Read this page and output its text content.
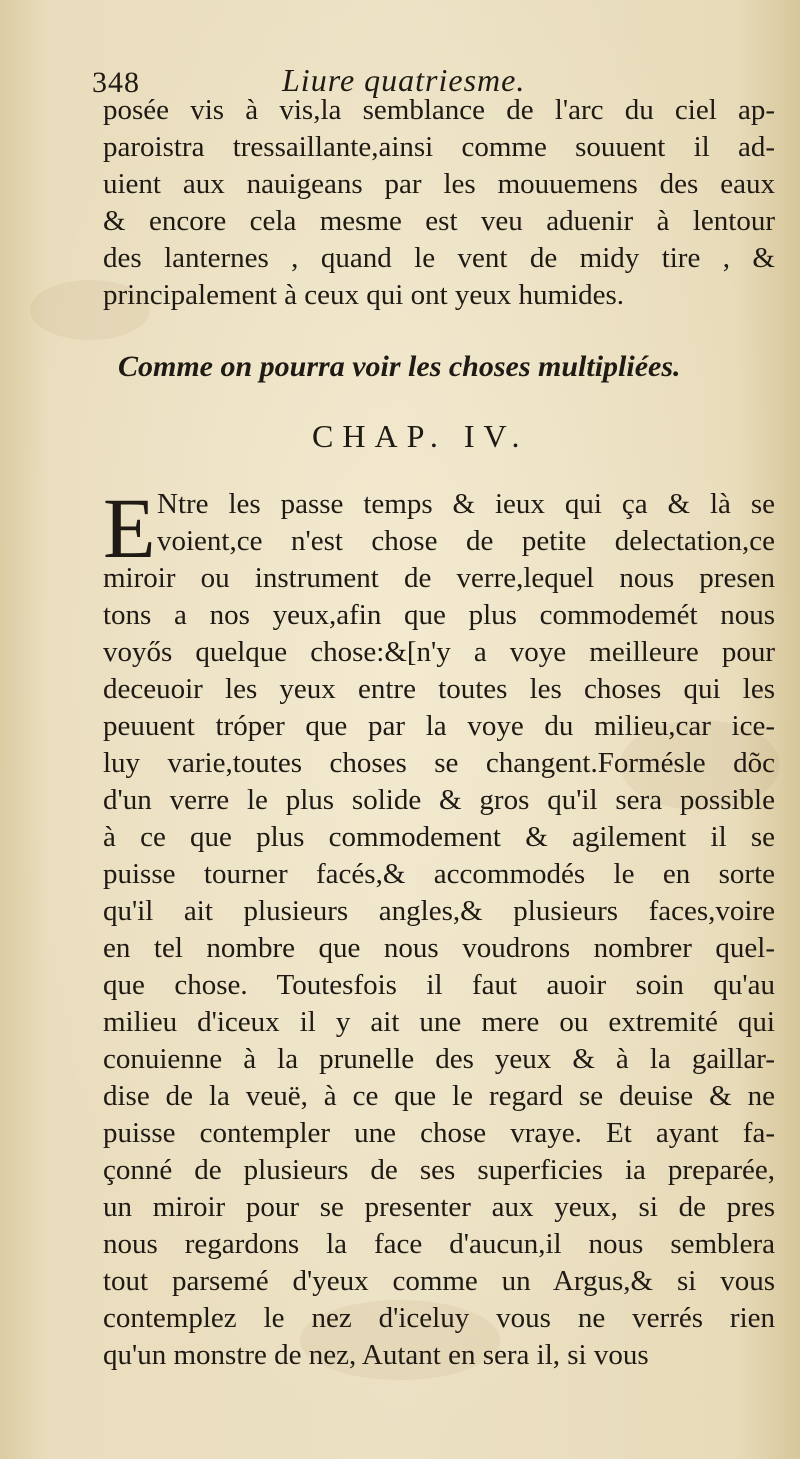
348	Liure quatriesme.
posée vis à vis,la semblance de l'arc du ciel ap-
paroistra tressaillante,ainsi comme souuent il ad-
uient aux nauigeans par les mouuemens des eaux
& encore cela mesme est veu aduenir à lentour
des lanternes , quand le vent de midy tire , &
principalement à ceux qui ont yeux humides.
Comme on pourra voir les choses multipliées.
CHAP. IV.
E Ntre les passe temps & ieux qui ça & là se
voient,ce n'est chose de petite delectation,ce
miroir ou instrument de verre,lequel nous presen
tons a nos yeux,afin que plus commodemét nous
voyős quelque chose:&[n'y a voye meilleure pour
deceuoir les yeux entre toutes les choses qui les
peuuent tróper que par la voye du milieu,car ice-
luy varie,toutes choses se changent.Formésle dõc
d'un verre le plus solide & gros qu'il sera possible
à ce que plus commodement & agilement il se
puisse tourner facés,& accommodés le en sorte
qu'il ait plusieurs angles,& plusieurs faces,voire
en tel nombre que nous voudrons nombrer quel-
que chose. Toutesfois il faut auoir soin qu'au
milieu d'iceux il y ait une mere ou extremité qui
conuienne à la prunelle des yeux & à la gaillar-
dise de la veuë, à ce que le regard se deuise & ne
puisse contempler une chose vraye. Et ayant fa-
çonné de plusieurs de ses superficies ia preparée,
un miroir pour se presenter aux yeux, si de pres
nous regardons la face d'aucun,il nous semblera
tout parsemé d'yeux comme un Argus,& si vous
contemplez le nez d'iceluy vous ne verrés rien
qu'un monstre de nez, Autant en sera il, si vous
